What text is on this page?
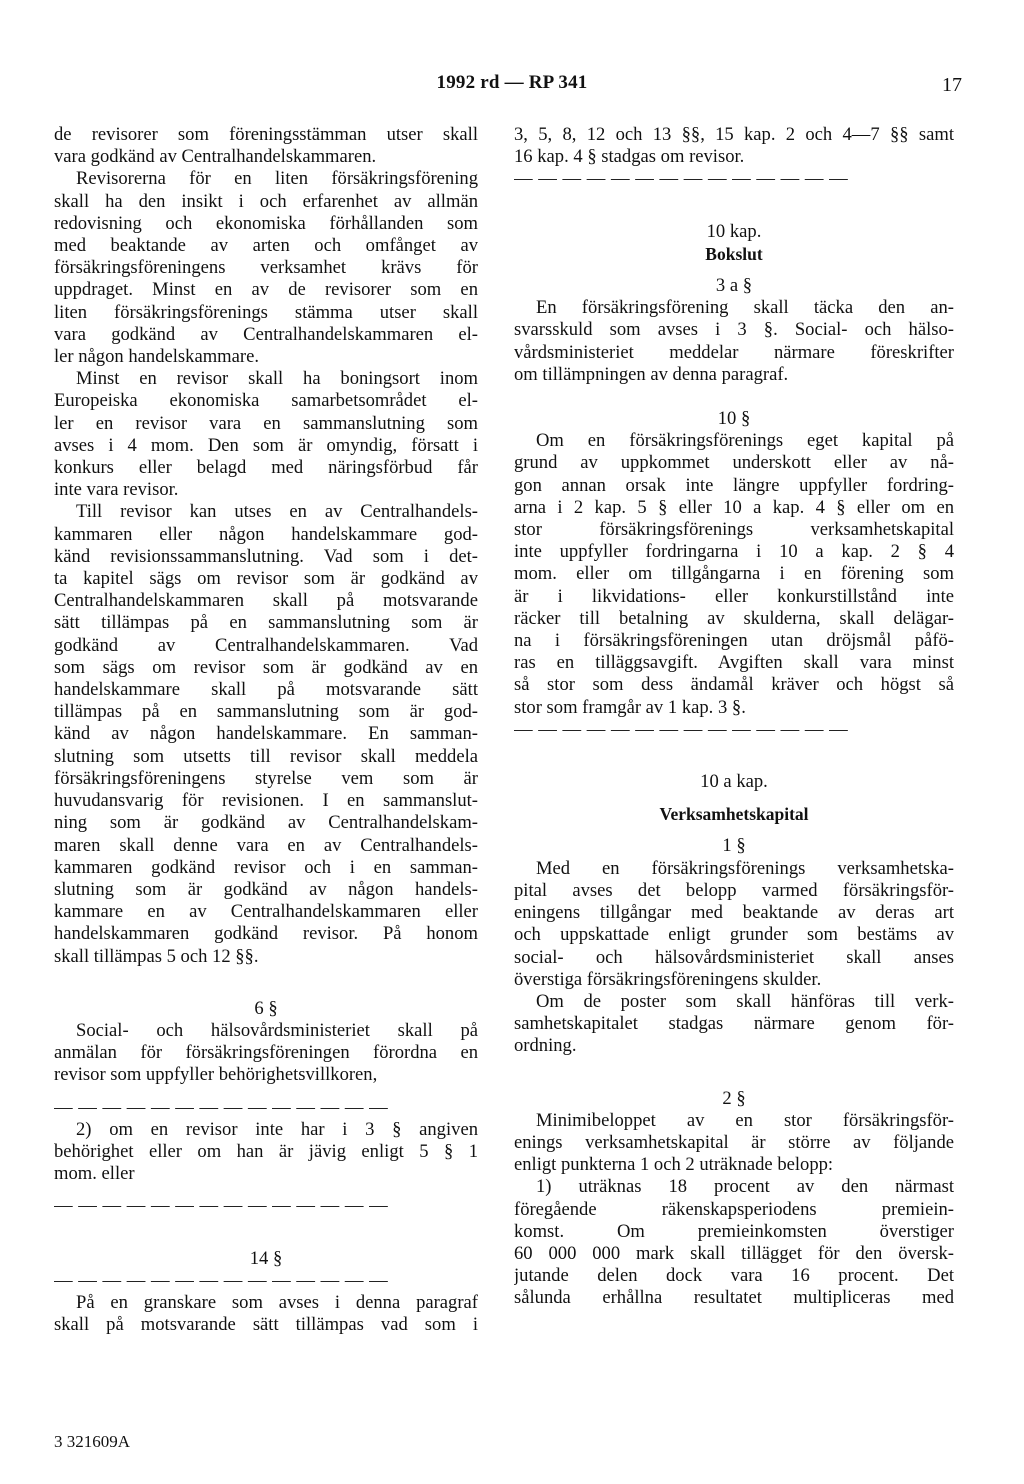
1992 rd — RP 341	17

de revisorer som föreningsstämman utser skall

vara godkänd av Centralhandelskammaren.

Revisorerna för en liten försäkringsförening

skall ha den insikt i och erfarenhet av allmän

redovisning och ekonomiska förhållanden som

med beaktande av arten och omfånget av

försäkringsföreningens verksamhet krävs för

uppdraget. Minst en av de revisorer som en

liten försäkringsförenings stämma utser skall

vara godkänd av Centralhandelskammaren el-

ler någon handelskammare.

Minst en revisor skall ha boningsort inom

Europeiska ekonomiska samarbetsområdet el-

ler en revisor vara en sammanslutning som

avses i 4 mom. Den som är omyndig, försatt i

konkurs eller belagd med näringsförbud får

inte vara revisor.

Till revisor kan utses en av Centralhandels-

kammaren eller någon handelskammare god-

känd revisionssammanslutning. Vad som i det-

ta kapitel sägs om revisor som är godkänd av

Centralhandelskammaren skall på motsvarande

sätt tillämpas på en sammanslutning som är

godkänd av Centralhandelskammaren. Vad

som sägs om revisor som är godkänd av en

handelskammare skall på motsvarande sätt

tillämpas på en sammanslutning som är god-

känd av någon handelskammare. En samman-

slutning som utsetts till revisor skall meddela

försäkringsföreningens styrelse vem som är

huvudansvarig för revisionen. I en sammanslut-

ning som är godkänd av Centralhandelskam-

maren skall denne vara en av Centralhandels-

kammaren godkänd revisor och i en samman-

slutning som är godkänd av någon handels-

kammare en av Centralhandelskammaren eller

handelskammaren godkänd revisor. På honom

skall tillämpas 5 och 12 §§.

6 §

Social- och hälsovårdsministeriet skall på

anmälan för försäkringsföreningen förordna en

revisor som uppfyller behörighetsvillkoren,

— — — — — — — — — — — — — —

2) om en revisor inte har i 3 § angiven

behörighet eller om han är jävig enligt 5 § 1

mom. eller

— — — — — — — — — — — — — —

14 §

— — — — — — — — — — — — — —

På en granskare som avses i denna paragraf

skall på motsvarande sätt tillämpas vad som i

3, 5, 8, 12 och 13 §§, 15 kap. 2 och 4—7 §§ samt

16 kap. 4 § stadgas om revisor.

— — — — — — — — — — — — — —

10 kap.

Bokslut

3 a §

En försäkringsförening skall täcka den an-

svarsskuld som avses i 3 §. Social- och hälso-

vårdsministeriet meddelar närmare föreskrifter

om tillämpningen av denna paragraf.

10 §

Om en försäkringsförenings eget kapital på

grund av uppkommet underskott eller av nå-

gon annan orsak inte längre uppfyller fordring-

arna i 2 kap. 5 § eller 10 a kap. 4 § eller om en

stor försäkringsförenings verksamhetskapital

inte uppfyller fordringarna i 10 a kap. 2 § 4

mom. eller om tillgångarna i en förening som

är i likvidations- eller konkurstillstånd inte

räcker till betalning av skulderna, skall delägar-

na i försäkringsföreningen utan dröjsmål påfö-

ras en tilläggsavgift. Avgiften skall vara minst

så stor som dess ändamål kräver och högst så

stor som framgår av 1 kap. 3 §.

— — — — — — — — — — — — — —

10 a kap.

Verksamhetskapital

1 §

Med en försäkringsförenings verksamhetska-

pital avses det belopp varmed försäkringsför-

eningens tillgångar med beaktande av deras art

och uppskattade enligt grunder som bestäms av

social- och hälsovårdsministeriet skall anses

överstiga försäkringsföreningens skulder.

Om de poster som skall hänföras till verk-

samhetskapitalet stadgas närmare genom för-

ordning.

2 §

Minimibeloppet av en stor försäkringsför-

enings verksamhetskapital är större av följande

enligt punkterna 1 och 2 uträknade belopp:

1) uträknas 18 procent av den närmast

föregående räkenskapsperiodens premiein-

komst. Om premieinkomsten överstiger

60 000 000 mark skall tillägget för den översk-

jutande delen dock vara 16 procent. Det

sålunda erhållna resultatet multipliceras med

3 321609A
